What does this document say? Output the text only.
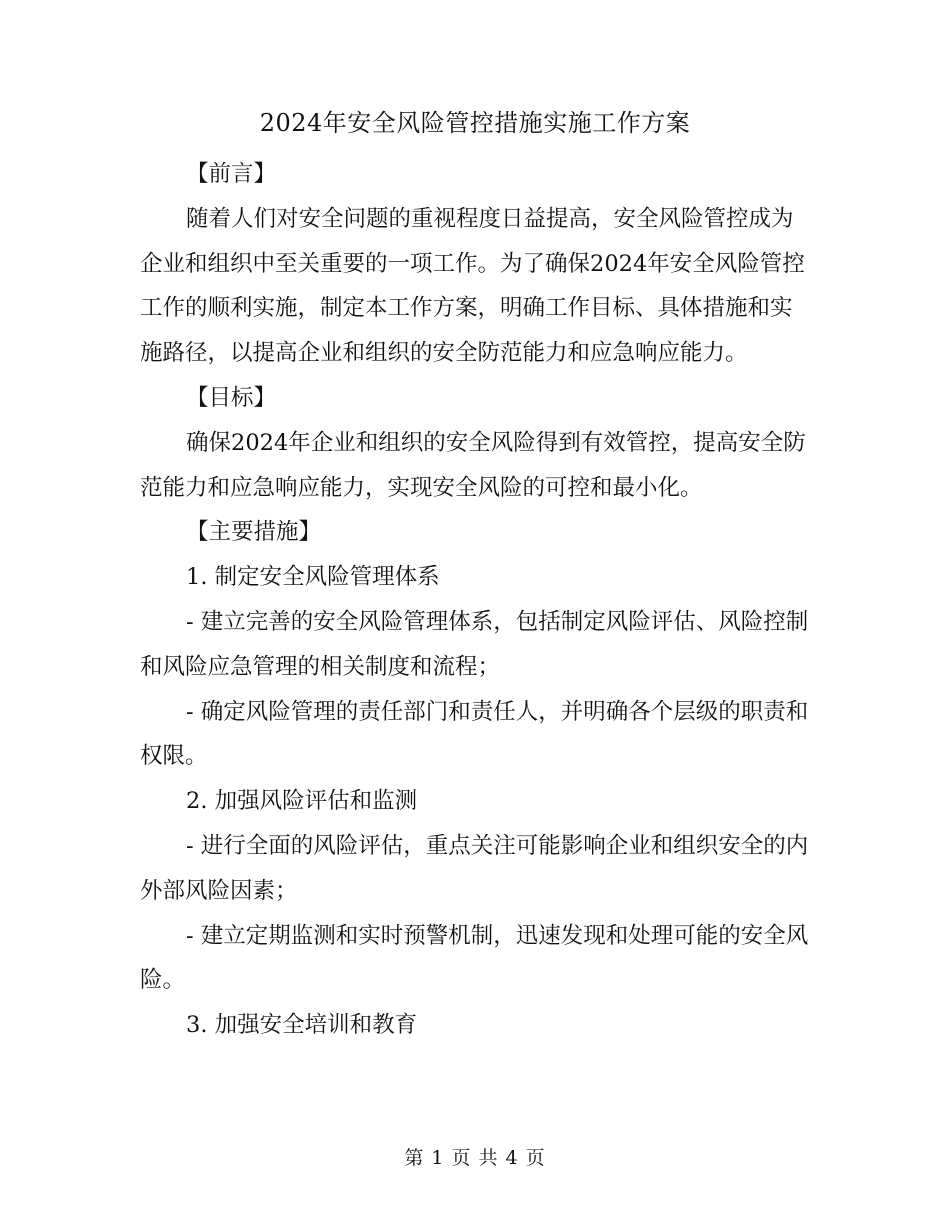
2024年安全风险管控措施实施工作方案

【前言】

随着人们对安全问题的重视程度日益提高，安全风险管控成为企业和组织中至关重要的一项工作。为了确保2024年安全风险管控工作的顺利实施，制定本工作方案，明确工作目标、具体措施和实施路径，以提高企业和组织的安全防范能力和应急响应能力。

【目标】

确保2024年企业和组织的安全风险得到有效管控，提高安全防范能力和应急响应能力，实现安全风险的可控和最小化。

【主要措施】

1. 制定安全风险管理体系

- 建立完善的安全风险管理体系，包括制定风险评估、风险控制和风险应急管理的相关制度和流程；

- 确定风险管理的责任部门和责任人，并明确各个层级的职责和权限。

2. 加强风险评估和监测

- 进行全面的风险评估，重点关注可能影响企业和组织安全的内外部风险因素；

- 建立定期监测和实时预警机制，迅速发现和处理可能的安全风险。

3. 加强安全培训和教育

第 1 页 共 4 页
